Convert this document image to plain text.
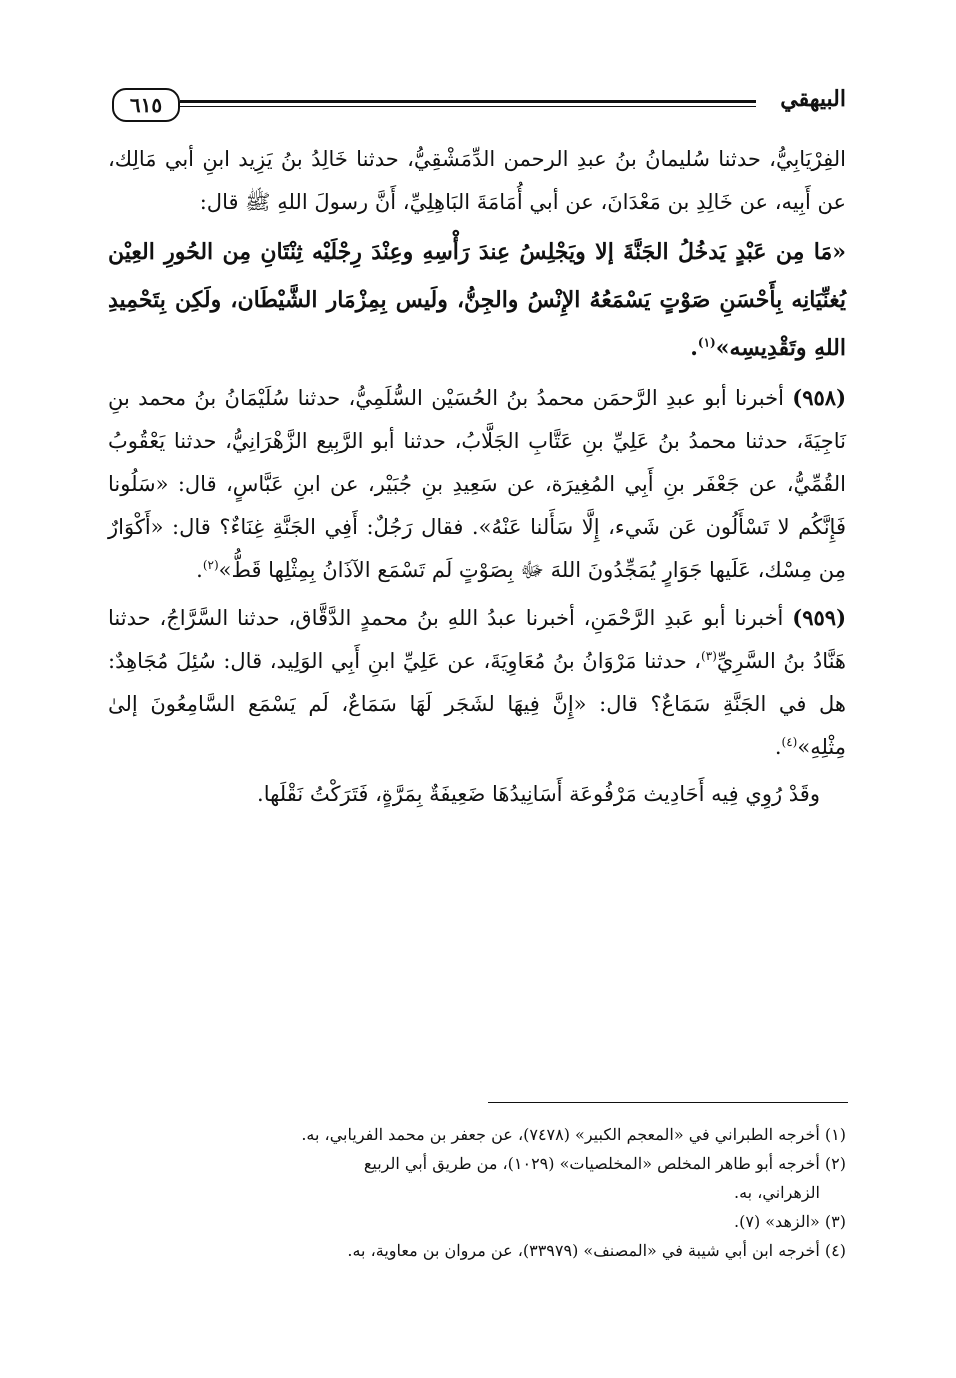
٦١٥	البيهقي

الفِرْيَابِيُّ، حدثنا سُليمانُ بنُ عبدِ الرحمن الدِّمَشْقِيُّ، حدثنا خَالِدُ بنُ يَزِيد ابنِ أبي مَالِك، عن أَبِيه، عن خَالِدِ بن مَعْدَانَ، عن أبي أُمَامَةَ البَاهِلِيِّ، أَنَّ رسولَ اللهِ ﷺ قال:

«مَا مِن عَبْدٍ يَدخُلُ الجَنَّةَ إلا ويَجْلِسُ عِندَ رَأْسِهِ وعِنْدَ رِجْلَيْه ثِنْتَانِ مِن الحُورِ العِيْن يُغنِّيَانِه بِأَحْسَنِ صَوْتٍ يَسْمَعُهُ الإِنْسُ والجِنُّ، ولَيس بِمِزْمَار الشَّيْطَان، ولَكِن بِتَحْمِيدِ اللهِ وتَقْدِيسِه»$^{(١)}$.

(٩٥٨) أخبرنا أبو عبدِ الرَّحمَن محمدُ بنُ الحُسَيْن السُّلَمِيُّ، حدثنا سُلَيْمَانُ بنُ محمد بنِ نَاجِيَةَ، حدثنا محمدُ بنُ عَلِيِّ بنِ عَتَّابِ الجَلَّابُ، حدثنا أبو الرَّبِيع الزَّهْرَانِيُّ، حدثنا يَعْقُوبُ القُمِّيُّ، عن جَعْفَر بنِ أَبِي المُغِيرَة، عن سَعِيدِ بنِ جُبَيْر، عن ابنِ عَبَّاسٍ، قال: «سَلُونا فَإِنَّكُم لا تَسْأَلُون عَن شَيء، إِلَّا سَأَلنا عَنْهُ». فقال رَجُلٌ: أَفِي الجَنَّةِ غِنَاءٌ؟ قال: «أَكْوَارٌ مِن مِسْك، عَلَيها جَوَارٍ يُمَجِّدُونَ اللهَ ﷻ بِصَوْتٍ لَم تَسْمَع الآذَانُ بِمِثْلِها قَطُّ»$^{(٢)}$.

(٩٥٩) أخبرنا أبو عَبدِ الرَّحْمَنِ، أخبرنا عبدُ اللهِ بنُ محمدٍ الدَّقَّاق، حدثنا السَّرَّاجُ، حدثنا هَنَّادُ بنُ السَّرِيِّ$^{(٣)}$، حدثنا مَرْوَانُ بنُ مُعَاوِيَةَ، عن عَلِيِّ ابنِ أَبِي الوَلِيد، قال: سُئِلَ مُجَاهِدٌ: هل في الجَنَّةِ سَمَاعٌ؟ قال: «إِنَّ فِيهَا لشَجَر لَهَا سَمَاعٌ، لَم يَسْمَع السَّامِعُونَ إلىٰ مِثْلِهِ»$^{(٤)}$.

وقَدْ رُوِي فِيه أَحَادِيث مَرْفُوعَة أَسَانِيدُهَا ضَعِيفَةٌ بِمَرَّةٍ، فَتَرَكْتُ نَقْلَها.

(١) أخرجه الطبراني في «المعجم الكبير» (٧٤٧٨)، عن جعفر بن محمد الفريابي، به.

(٢) أخرجه أبو طاهر المخلص «المخلصيات» (١٠٢٩)، من طريق أبي الربيع

الزهراني، به.

(٣) «الزهد» (٧).

(٤) أخرجه ابن أبي شيبة في «المصنف» (٣٣٩٧٩)، عن مروان بن معاوية، به.
